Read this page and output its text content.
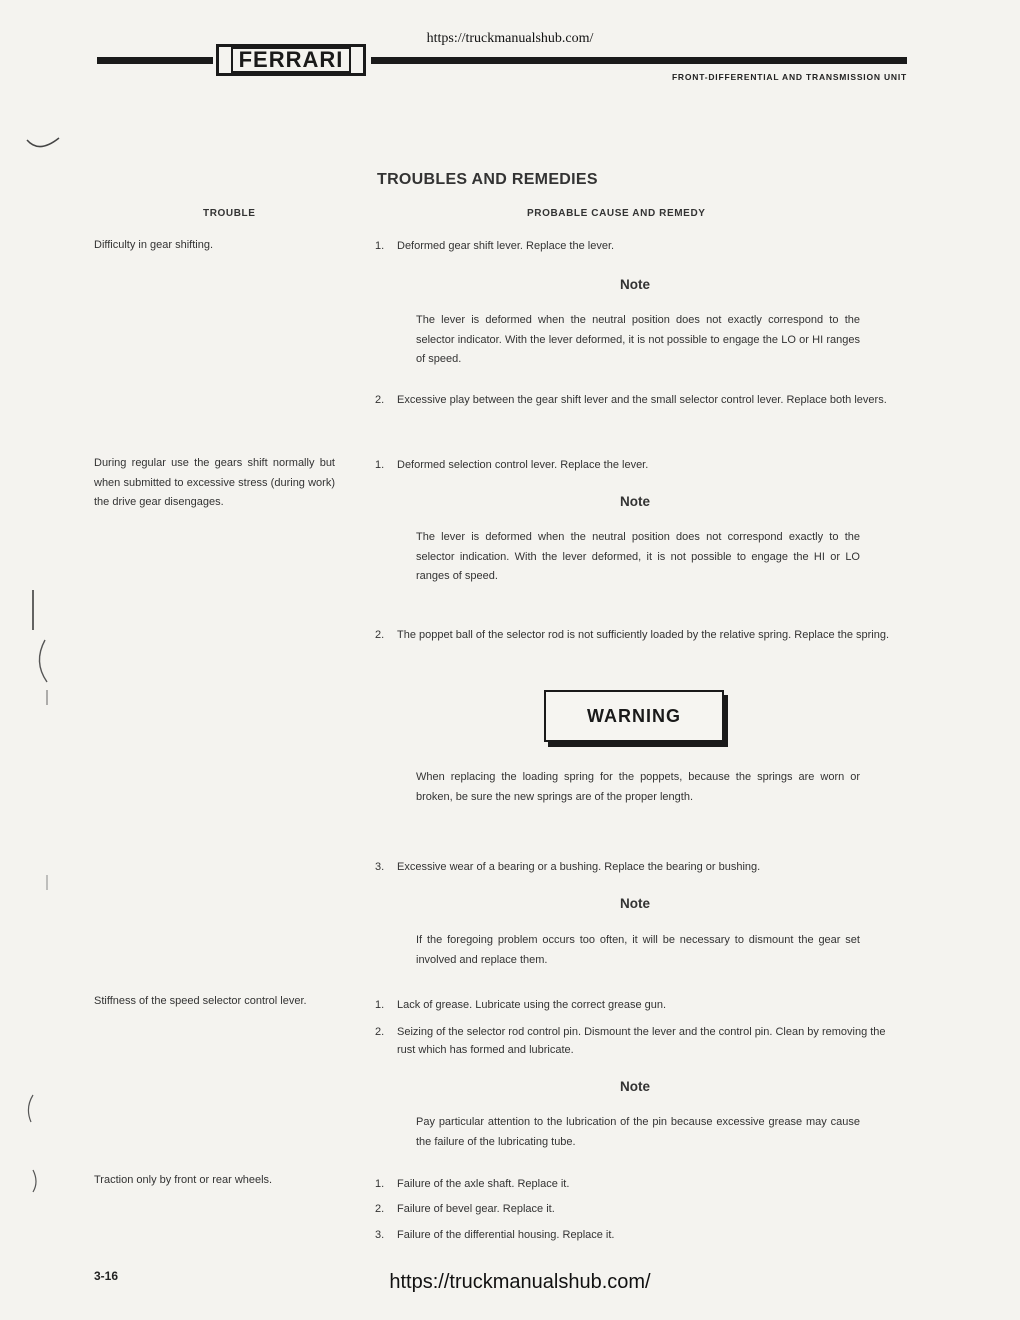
https://truckmanualshub.com/
FERRARI
FRONT-DIFFERENTIAL AND TRANSMISSION UNIT
TROUBLES AND REMEDIES
TROUBLE	PROBABLE CAUSE AND REMEDY
Difficulty in gear shifting.
During regular use the gears shift normally but when submitted to excessive stress (during work) the drive gear disengages.
Stiffness of the speed selector control lever.
Traction only by front or rear wheels.
1. Deformed gear shift lever. Replace the lever.
Note
The lever is deformed when the neutral position does not exactly correspond to the selector indicator. With the lever deformed, it is not possible to engage the LO or HI ranges of speed.
2. Excessive play between the gear shift lever and the small selector control lever. Replace both levers.
1. Deformed selection control lever. Replace the lever.
Note
The lever is deformed when the neutral position does not correspond exactly to the selector indication. With the lever deformed, it is not possible to engage the HI or LO ranges of speed.
2. The poppet ball of the selector rod is not sufficiently loaded by the relative spring. Replace the spring.
WARNING
When replacing the loading spring for the poppets, because the springs are worn or broken, be sure the new springs are of the proper length.
3. Excessive wear of a bearing or a bushing. Replace the bearing or bushing.
Note
If the foregoing problem occurs too often, it will be necessary to dismount the gear set involved and replace them.
1. Lack of grease. Lubricate using the correct grease gun.
2. Seizing of the selector rod control pin. Dismount the lever and the control pin. Clean by removing the rust which has formed and lubricate.
Note
Pay particular attention to the lubrication of the pin because excessive grease may cause the failure of the lubricating tube.
1. Failure of the axle shaft. Replace it.
2. Failure of bevel gear. Replace it.
3. Failure of the differential housing. Replace it.
3-16	https://truckmanualshub.com/
